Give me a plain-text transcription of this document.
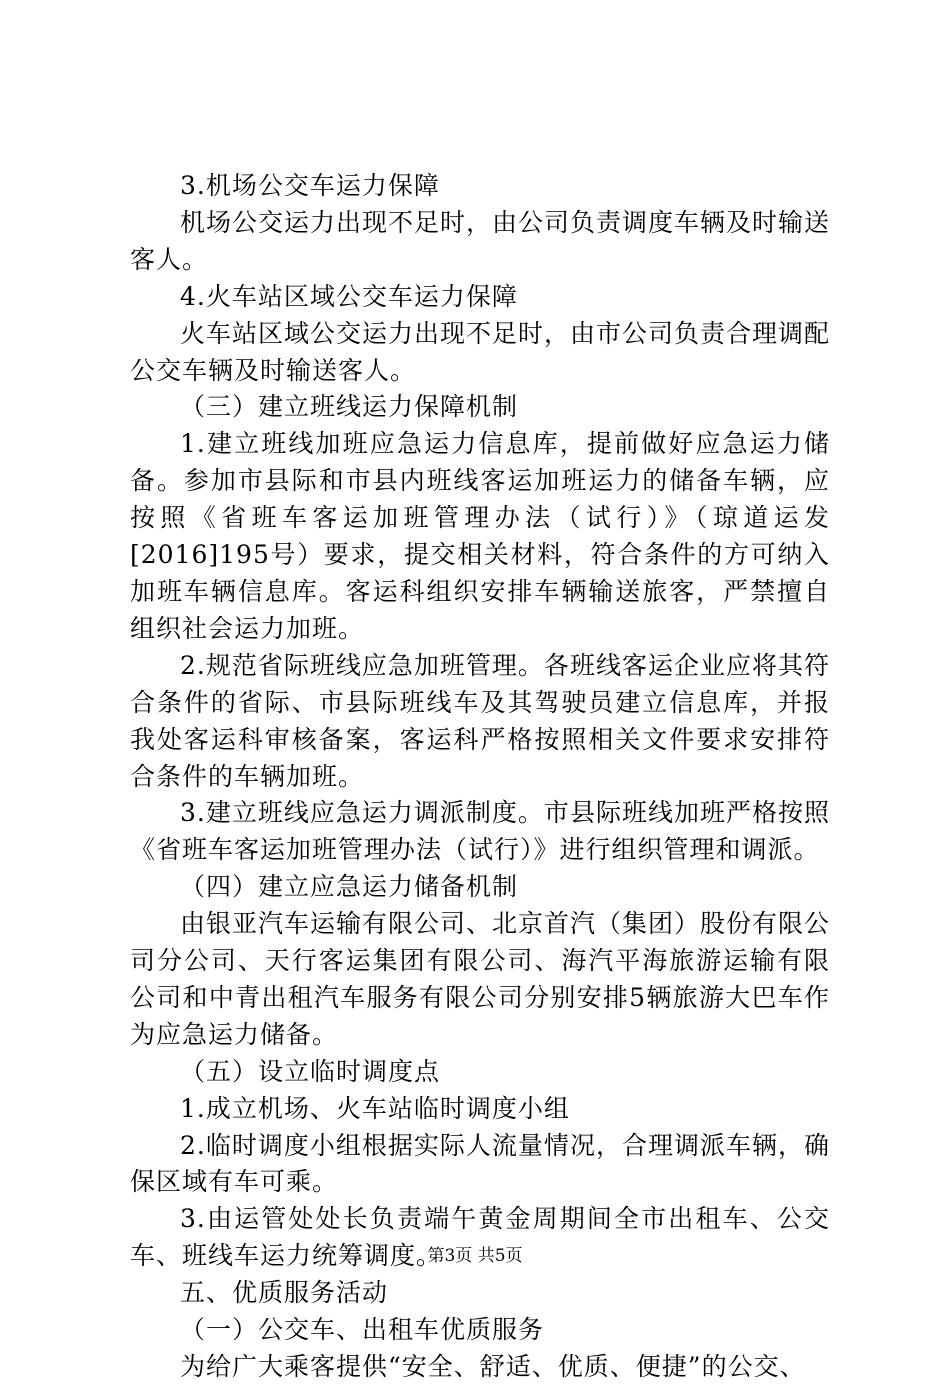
3.机场公交车运力保障

机场公交运力出现不足时，由公司负责调度车辆及时输送客人。

4.火车站区域公交车运力保障

火车站区域公交运力出现不足时，由市公司负责合理调配公交车辆及时输送客人。

（三）建立班线运力保障机制

1.建立班线加班应急运力信息库，提前做好应急运力储备。参加市县际和市县内班线客运加班运力的储备车辆，应按照《省班车客运加班管理办法（试行）》（琼道运发[2016]195号）要求，提交相关材料，符合条件的方可纳入加班车辆信息库。客运科组织安排车辆输送旅客，严禁擅自组织社会运力加班。

2.规范省际班线应急加班管理。各班线客运企业应将其符合条件的省际、市县际班线车及其驾驶员建立信息库，并报我处客运科审核备案，客运科严格按照相关文件要求安排符合条件的车辆加班。

3.建立班线应急运力调派制度。市县际班线加班严格按照《省班车客运加班管理办法（试行）》进行组织管理和调派。

（四）建立应急运力储备机制

由银亚汽车运输有限公司、北京首汽（集团）股份有限公司分公司、天行客运集团有限公司、海汽平海旅游运输有限公司和中青出租汽车服务有限公司分别安排5辆旅游大巴车作为应急运力储备。

（五）设立临时调度点

1.成立机场、火车站临时调度小组

2.临时调度小组根据实际人流量情况，合理调派车辆，确保区域有车可乘。

3.由运管处处长负责端午黄金周期间全市出租车、公交车、班线车运力统筹调度。

五、优质服务活动

（一）公交车、出租车优质服务

为给广大乘客提供“安全、舒适、优质、便捷”的公交、

第3页 共5页
